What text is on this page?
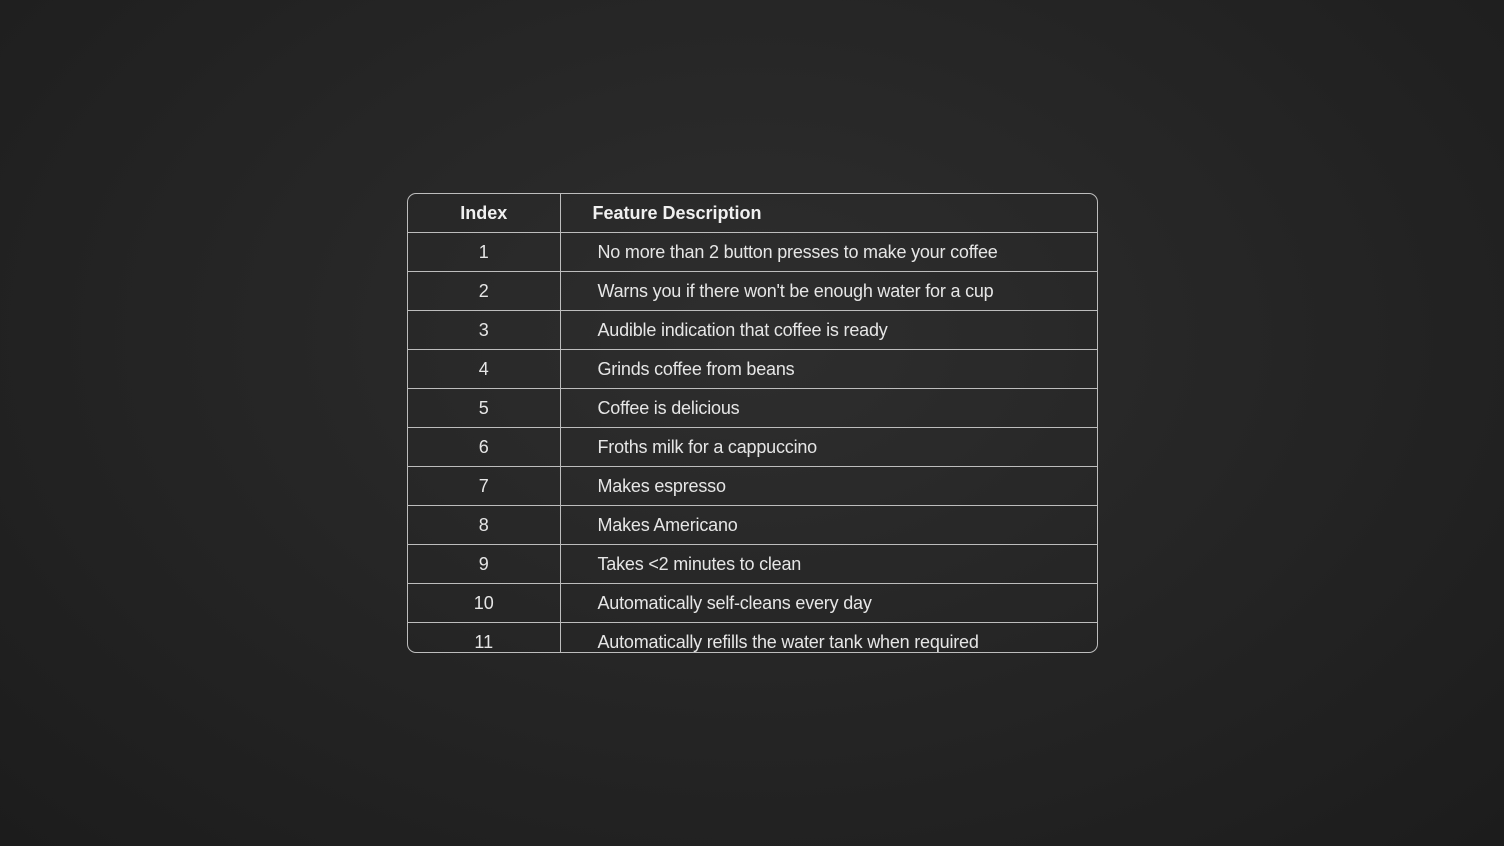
Index	Feature Description
1	No more than 2 button presses to make your coffee
2	Warns you if there won't be enough water for a cup
3	Audible indication that coffee is ready
4	Grinds coffee from beans
5	Coffee is delicious
6	Froths milk for a cappuccino
7	Makes espresso
8	Makes Americano
9	Takes <2 minutes to clean
10	Automatically self-cleans every day
11	Automatically refills the water tank when required
